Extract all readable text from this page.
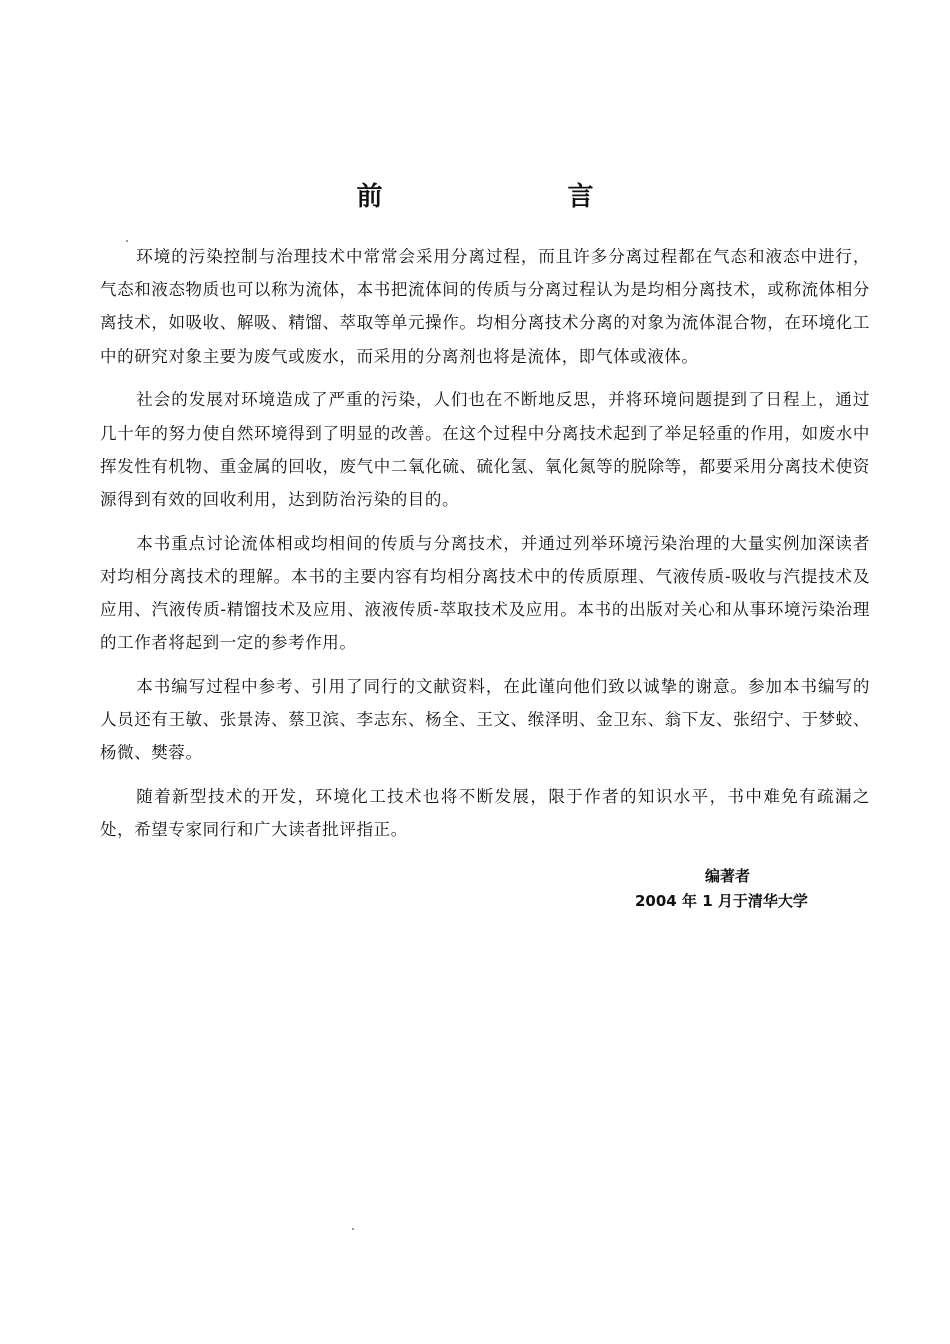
前 言

环境的污染控制与治理技术中常常会采用分离过程，而且许多分离过程都在气态和液态中进行，气态和液态物质也可以称为流体，本书把流体间的传质与分离过程认为是均相分离技术，或称流体相分离技术，如吸收、解吸、精馏、萃取等单元操作。均相分离技术分离的对象为流体混合物，在环境化工中的研究对象主要为废气或废水，而采用的分离剂也将是流体，即气体或液体。

社会的发展对环境造成了严重的污染，人们也在不断地反思，并将环境问题提到了日程上，通过几十年的努力使自然环境得到了明显的改善。在这个过程中分离技术起到了举足轻重的作用，如废水中挥发性有机物、重金属的回收，废气中二氧化硫、硫化氢、氧化氮等的脱除等，都要采用分离技术使资源得到有效的回收利用，达到防治污染的目的。

本书重点讨论流体相或均相间的传质与分离技术，并通过列举环境污染治理的大量实例加深读者对均相分离技术的理解。本书的主要内容有均相分离技术中的传质原理、气液传质-吸收与汽提技术及应用、汽液传质-精馏技术及应用、液液传质-萃取技术及应用。本书的出版对关心和从事环境污染治理的工作者将起到一定的参考作用。

本书编写过程中参考、引用了同行的文献资料，在此谨向他们致以诚挚的谢意。参加本书编写的人员还有王敏、张景涛、蔡卫滨、李志东、杨全、王文、缑泽明、金卫东、翁下友、张绍宁、于梦蛟、杨微、樊蓉。

随着新型技术的开发，环境化工技术也将不断发展，限于作者的知识水平，书中难免有疏漏之处，希望专家同行和广大读者批评指正。

编著者
2004 年 1 月于清华大学
